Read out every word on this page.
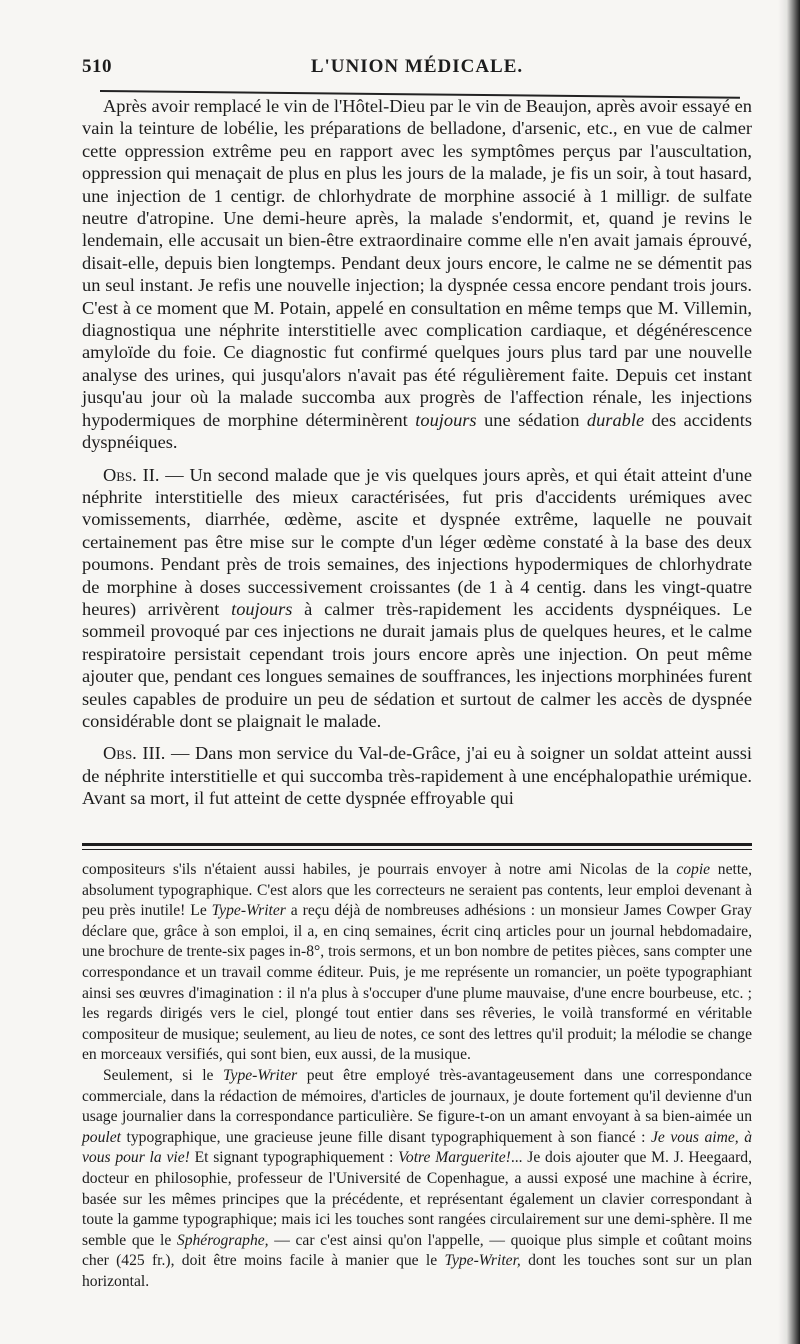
510	L'UNION MÉDICALE.

Après avoir remplacé le vin de l'Hôtel-Dieu par le vin de Beaujon, après avoir essayé en vain la teinture de lobélie, les préparations de belladone, d'arsenic, etc., en vue de calmer cette oppression extrême peu en rapport avec les symptômes perçus par l'auscultation, oppression qui menaçait de plus en plus les jours de la malade, je fis un soir, à tout hasard, une injection de 1 centigr. de chlorhydrate de morphine associé à 1 milligr. de sulfate neutre d'atropine. Une demi-heure après, la malade s'endormit, et, quand je revins le lendemain, elle accusait un bien-être extraordinaire comme elle n'en avait jamais éprouvé, disait-elle, depuis bien longtemps. Pendant deux jours encore, le calme ne se démentit pas un seul instant. Je refis une nouvelle injection; la dyspnée cessa encore pendant trois jours. C'est à ce moment que M. Potain, appelé en consultation en même temps que M. Villemin, diagnostiqua une néphrite interstitielle avec complication cardiaque, et dégénérescence amyloïde du foie. Ce diagnostic fut confirmé quelques jours plus tard par une nouvelle analyse des urines, qui jusqu'alors n'avait pas été régulièrement faite. Depuis cet instant jusqu'au jour où la malade succomba aux progrès de l'affection rénale, les injections hypodermiques de morphine déterminèrent toujours une sédation durable des accidents dyspnéiques.

Obs. II. — Un second malade que je vis quelques jours après, et qui était atteint d'une néphrite interstitielle des mieux caractérisées, fut pris d'accidents urémiques avec vomissements, diarrhée, œdème, ascite et dyspnée extrême, laquelle ne pouvait certainement pas être mise sur le compte d'un léger œdème constaté à la base des deux poumons. Pendant près de trois semaines, des injections hypodermiques de chlorhydrate de morphine à doses successivement croissantes (de 1 à 4 centig. dans les vingt-quatre heures) arrivèrent toujours à calmer très-rapidement les accidents dyspnéiques. Le sommeil provoqué par ces injections ne durait jamais plus de quelques heures, et le calme respiratoire persistait cependant trois jours encore après une injection. On peut même ajouter que, pendant ces longues semaines de souffrances, les injections morphinées furent seules capables de produire un peu de sédation et surtout de calmer les accès de dyspnée considérable dont se plaignait le malade.

Obs. III. — Dans mon service du Val-de-Grâce, j'ai eu à soigner un soldat atteint aussi de néphrite interstitielle et qui succomba très-rapidement à une encéphalopathie urémique. Avant sa mort, il fut atteint de cette dyspnée effroyable qui

compositeurs s'ils n'étaient aussi habiles, je pourrais envoyer à notre ami Nicolas de la copie nette, absolument typographique. C'est alors que les correcteurs ne seraient pas contents, leur emploi devenant à peu près inutile! Le Type-Writer a reçu déjà de nombreuses adhésions : un monsieur James Cowper Gray déclare que, grâce à son emploi, il a, en cinq semaines, écrit cinq articles pour un journal hebdomadaire, une brochure de trente-six pages in-8°, trois sermons, et un bon nombre de petites pièces, sans compter une correspondance et un travail comme éditeur. Puis, je me représente un romancier, un poëte typographiant ainsi ses œuvres d'imagination : il n'a plus à s'occuper d'une plume mauvaise, d'une encre bourbeuse, etc. ; les regards dirigés vers le ciel, plongé tout entier dans ses rêveries, le voilà transformé en véritable compositeur de musique; seulement, au lieu de notes, ce sont des lettres qu'il produit; la mélodie se change en morceaux versifiés, qui sont bien, eux aussi, de la musique.

Seulement, si le Type-Writer peut être employé très-avantageusement dans une correspondance commerciale, dans la rédaction de mémoires, d'articles de journaux, je doute fortement qu'il devienne d'un usage journalier dans la correspondance particulière. Se figure-t-on un amant envoyant à sa bien-aimée un poulet typographique, une gracieuse jeune fille disant typographiquement à son fiancé : Je vous aime, à vous pour la vie! Et signant typographiquement : Votre Marguerite!... Je dois ajouter que M. J. Heegaard, docteur en philosophie, professeur de l'Université de Copenhague, a aussi exposé une machine à écrire, basée sur les mêmes principes que la précédente, et représentant également un clavier correspondant à toute la gamme typographique; mais ici les touches sont rangées circulairement sur une demi-sphère. Il me semble que le Sphérographe, — car c'est ainsi qu'on l'appelle, — quoique plus simple et coûtant moins cher (425 fr.), doit être moins facile à manier que le Type-Writer, dont les touches sont sur un plan horizontal.
